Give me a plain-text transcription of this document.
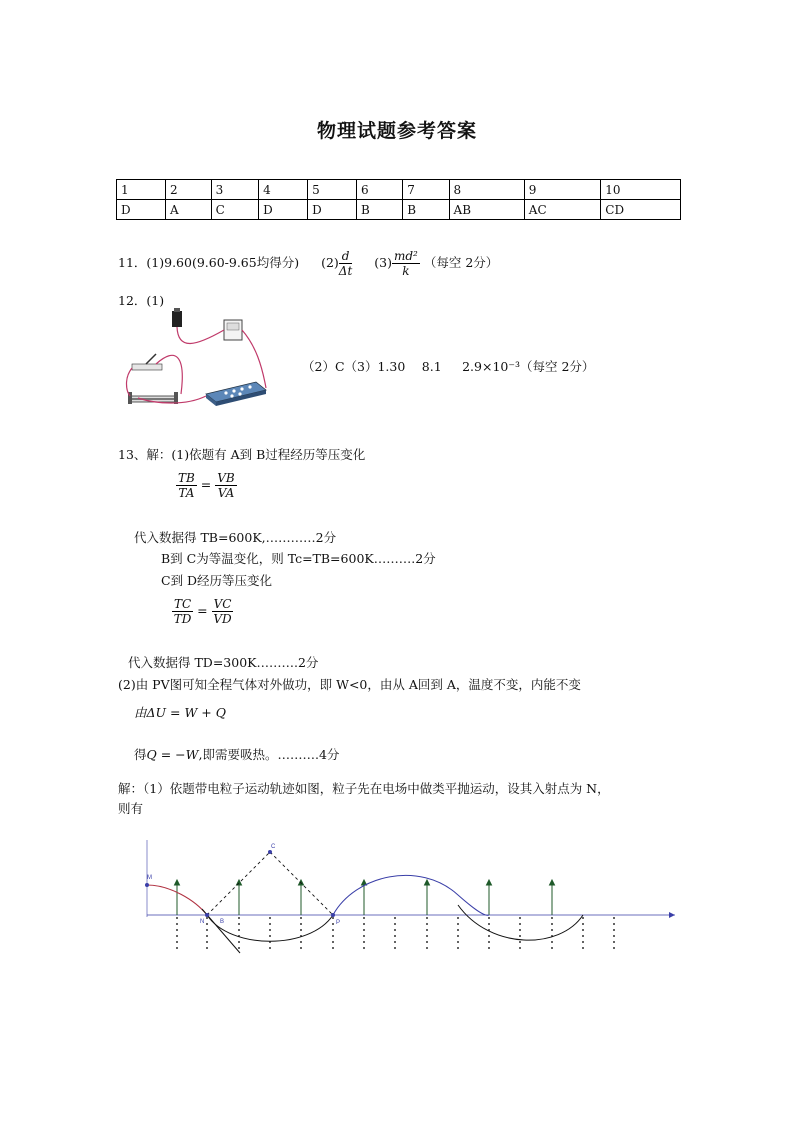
物理试题参考答案
1	2	3	4	5	6	7	8	9	10
D	A	C	D	D	B	B	AB	AC	CD
11．(1)9.60(9.60-9.65均得分) $(2) \frac{d}{\Delta t} (3) \frac{\text{md²}}{k}$ （每空 2分）
12．(1)
（2）C（3）1.30 　8.1 　 2.9×10⁻³（每空 2分）
13、解：(1)依题有 A到 B过程经历等压变化
$\frac{TB}{TA} = \frac{VB}{VA}$
代入数据得 TB=600K,…………2分
B到 C为等温变化，则 Tc=TB=600K……….2分
C到 D经历等压变化
$\frac{TC}{TD} = \frac{VC}{VD}$
代入数据得 TD=300K……….2分
(2)由 PV图可知全程气体对外做功，即 W<0，由从 A回到 A，温度不变，内能不变
由ΔU = W + Q
得Q = −W,即需要吸热。……….4分
解：（1）依题带电粒子运动轨迹如图，粒子先在电场中做类平抛运动，设其入射点为 N，
则有
M
N	B
C
P
